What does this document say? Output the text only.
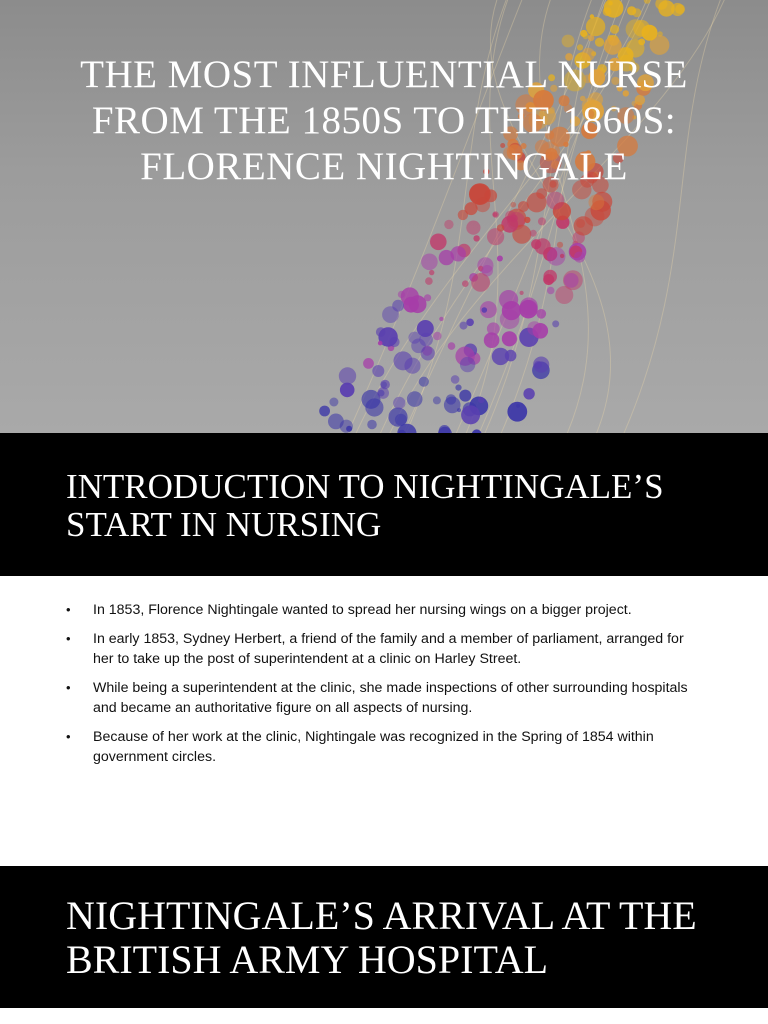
THE MOST INFLUENTIAL NURSE FROM THE 1850S TO THE 1860S: FLORENCE NIGHTINGALE
INTRODUCTION TO NIGHTINGALE’S START IN NURSING
• In 1853, Florence Nightingale wanted to spread her nursing wings on a bigger project.
• In early 1853, Sydney Herbert, a friend of the family and a member of parliament, arranged for her to take up the post of superintendent at a clinic on Harley Street.
• While being a superintendent at the clinic, she made inspections of other surrounding hospitals and became an authoritative figure on all aspects of nursing.
• Because of her work at the clinic, Nightingale was recognized in the Spring of 1854 within government circles.
NIGHTINGALE’S ARRIVAL AT THE BRITISH ARMY HOSPITAL
